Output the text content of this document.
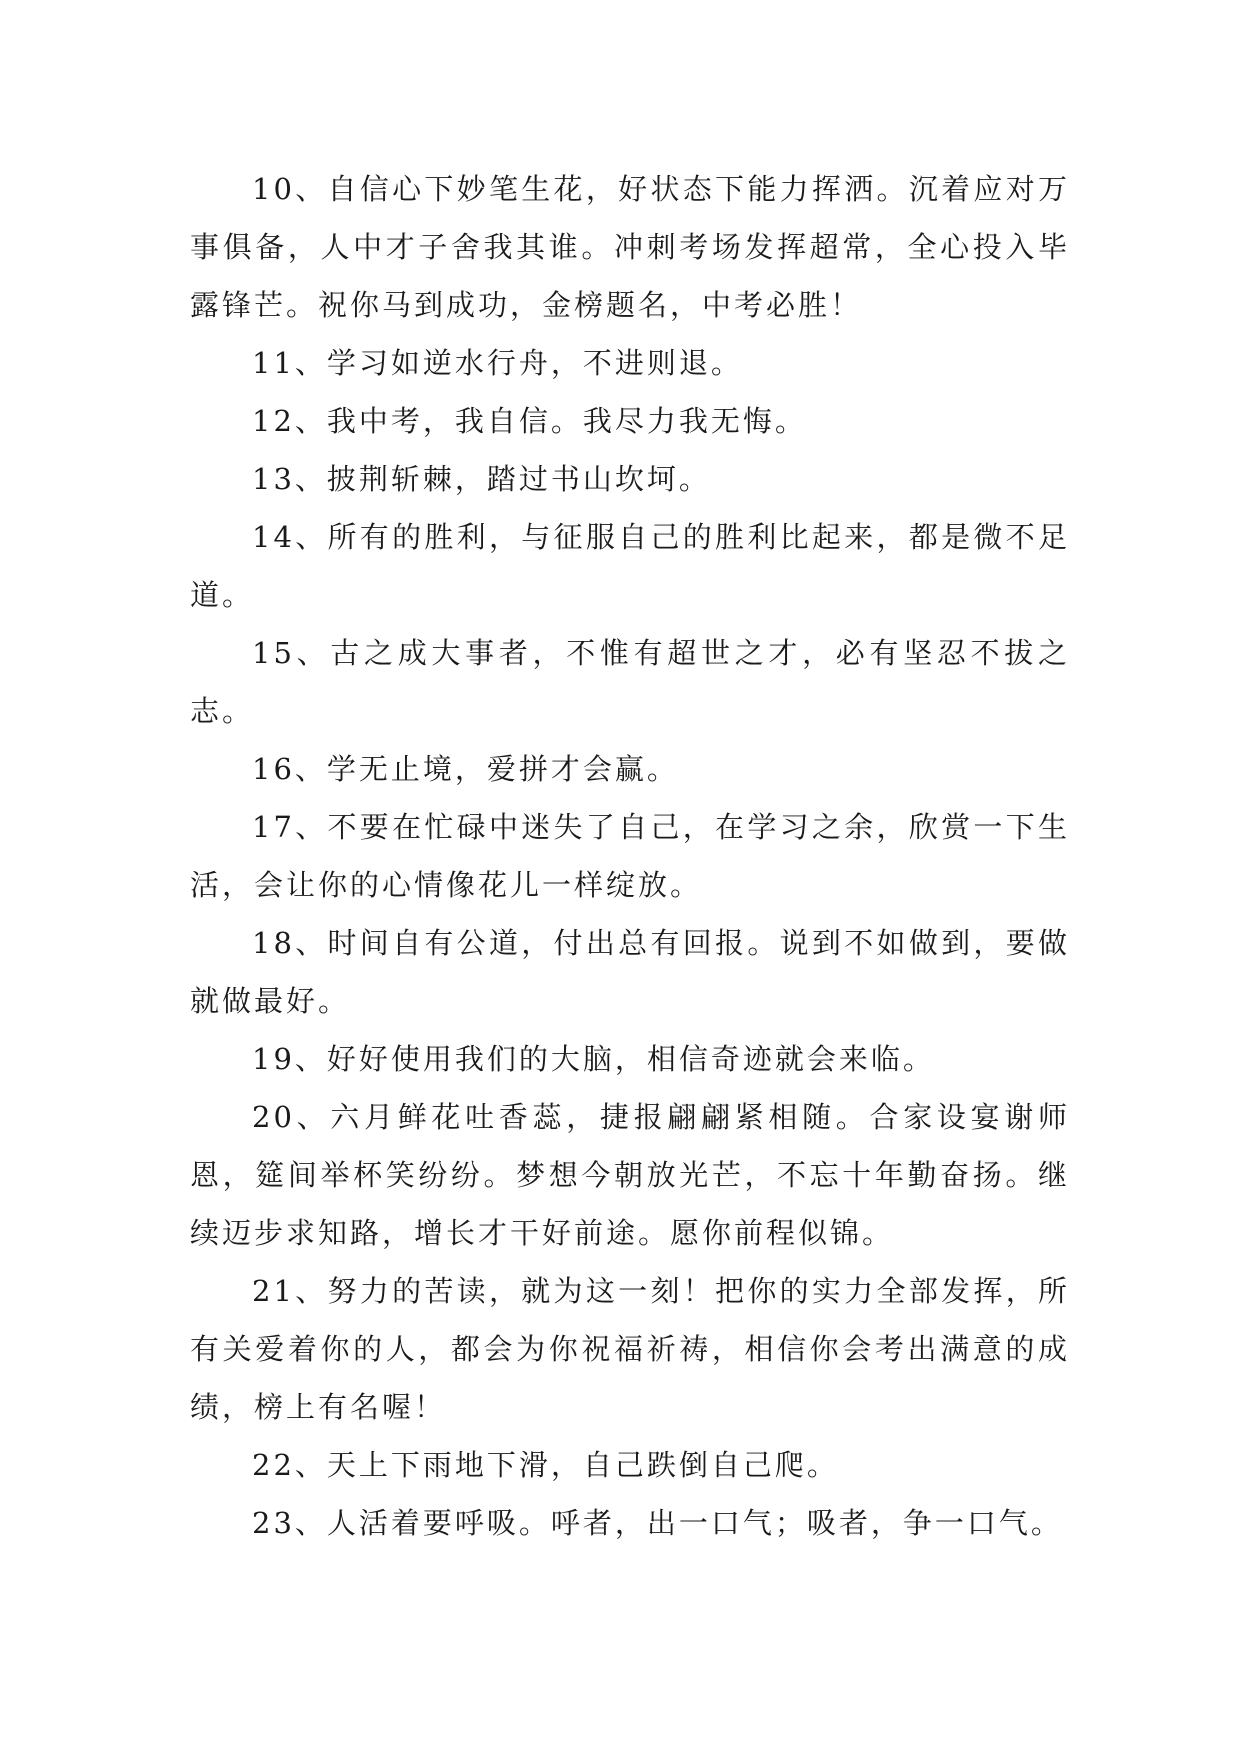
10、自信心下妙笔生花，好状态下能力挥洒。沉着应对万事俱备，人中才子舍我其谁。冲刺考场发挥超常，全心投入毕露锋芒。祝你马到成功，金榜题名，中考必胜！

11、学习如逆水行舟，不进则退。

12、我中考，我自信。我尽力我无悔。

13、披荆斩棘，踏过书山坎坷。

14、所有的胜利，与征服自己的胜利比起来，都是微不足道。

15、古之成大事者，不惟有超世之才，必有坚忍不拔之志。

16、学无止境，爱拼才会赢。

17、不要在忙碌中迷失了自己，在学习之余，欣赏一下生活，会让你的心情像花儿一样绽放。

18、时间自有公道，付出总有回报。说到不如做到，要做就做最好。

19、好好使用我们的大脑，相信奇迹就会来临。

20、六月鲜花吐香蕊，捷报翩翩紧相随。合家设宴谢师恩，筵间举杯笑纷纷。梦想今朝放光芒，不忘十年勤奋扬。继续迈步求知路，增长才干好前途。愿你前程似锦。

21、努力的苦读，就为这一刻！把你的实力全部发挥，所有关爱着你的人，都会为你祝福祈祷，相信你会考出满意的成绩，榜上有名喔！

22、天上下雨地下滑，自己跌倒自己爬。

23、人活着要呼吸。呼者，出一口气；吸者，争一口气。
